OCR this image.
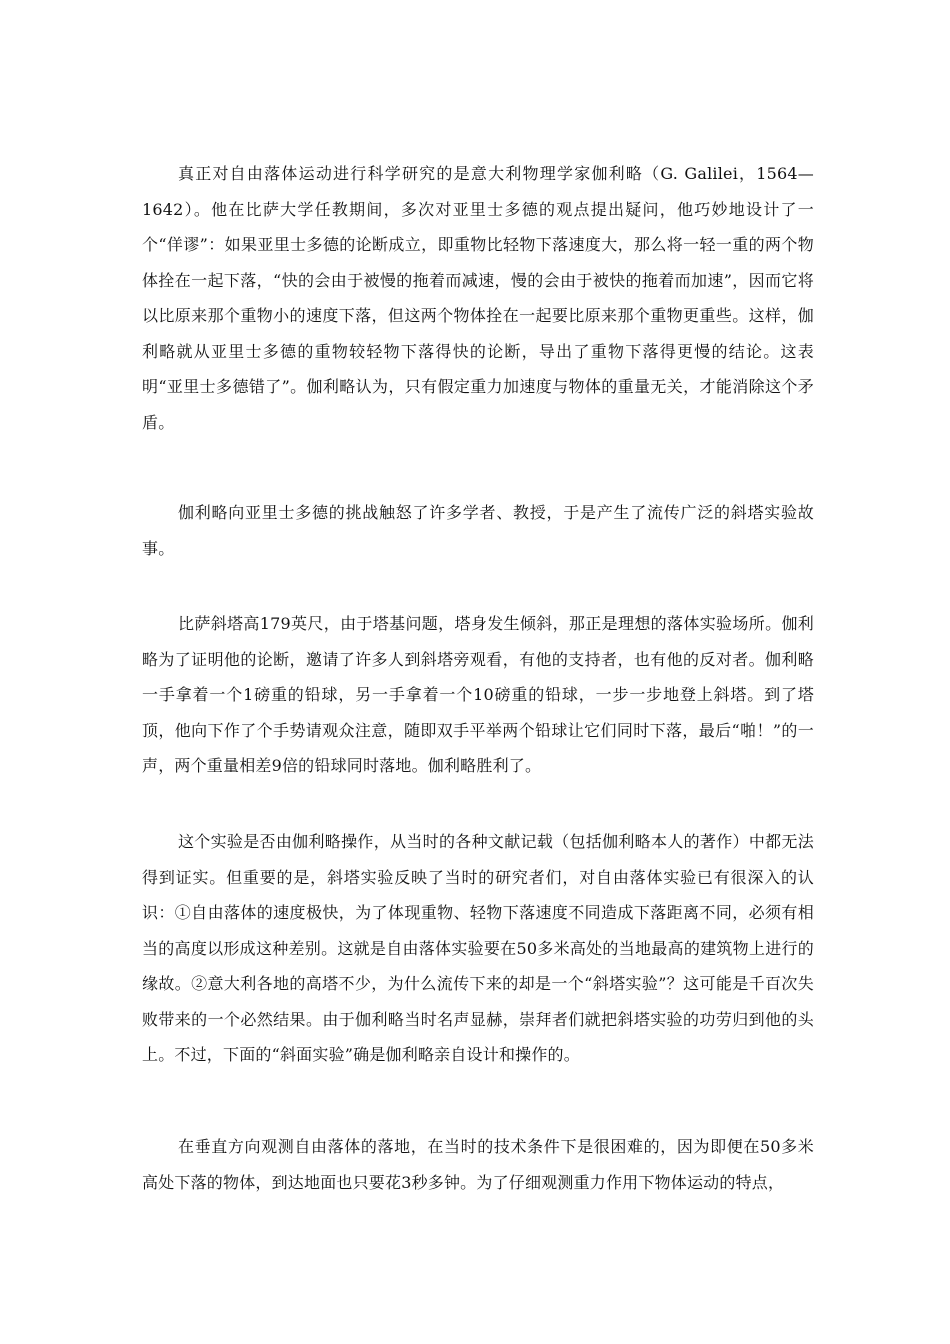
真正对自由落体运动进行科学研究的是意大利物理学家伽利略（G. Galilei，1564—1642）。他在比萨大学任教期间，多次对亚里士多德的观点提出疑问，他巧妙地设计了一个“佯谬”：如果亚里士多德的论断成立，即重物比轻物下落速度大，那么将一轻一重的两个物体拴在一起下落，“快的会由于被慢的拖着而减速，慢的会由于被快的拖着而加速”，因而它将以比原来那个重物小的速度下落，但这两个物体拴在一起要比原来那个重物更重些。这样，伽利略就从亚里士多德的重物较轻物下落得快的论断，导出了重物下落得更慢的结论。这表明“亚里士多德错了”。伽利略认为，只有假定重力加速度与物体的重量无关，才能消除这个矛盾。

伽利略向亚里士多德的挑战触怒了许多学者、教授，于是产生了流传广泛的斜塔实验故事。

比萨斜塔高179英尺，由于塔基问题，塔身发生倾斜，那正是理想的落体实验场所。伽利略为了证明他的论断，邀请了许多人到斜塔旁观看，有他的支持者，也有他的反对者。伽利略一手拿着一个1磅重的铅球，另一手拿着一个10磅重的铅球，一步一步地登上斜塔。到了塔顶，他向下作了个手势请观众注意，随即双手平举两个铅球让它们同时下落，最后“啪！”的一声，两个重量相差9倍的铅球同时落地。伽利略胜利了。

这个实验是否由伽利略操作，从当时的各种文献记载（包括伽利略本人的著作）中都无法得到证实。但重要的是，斜塔实验反映了当时的研究者们，对自由落体实验已有很深入的认识：①自由落体的速度极快，为了体现重物、轻物下落速度不同造成下落距离不同，必须有相当的高度以形成这种差别。这就是自由落体实验要在50多米高处的当地最高的建筑物上进行的缘故。②意大利各地的高塔不少，为什么流传下来的却是一个“斜塔实验”？这可能是千百次失败带来的一个必然结果。由于伽利略当时名声显赫，崇拜者们就把斜塔实验的功劳归到他的头上。不过，下面的“斜面实验”确是伽利略亲自设计和操作的。

在垂直方向观测自由落体的落地，在当时的技术条件下是很困难的，因为即便在50多米高处下落的物体，到达地面也只要花3秒多钟。为了仔细观测重力作用下物体运动的特点，
